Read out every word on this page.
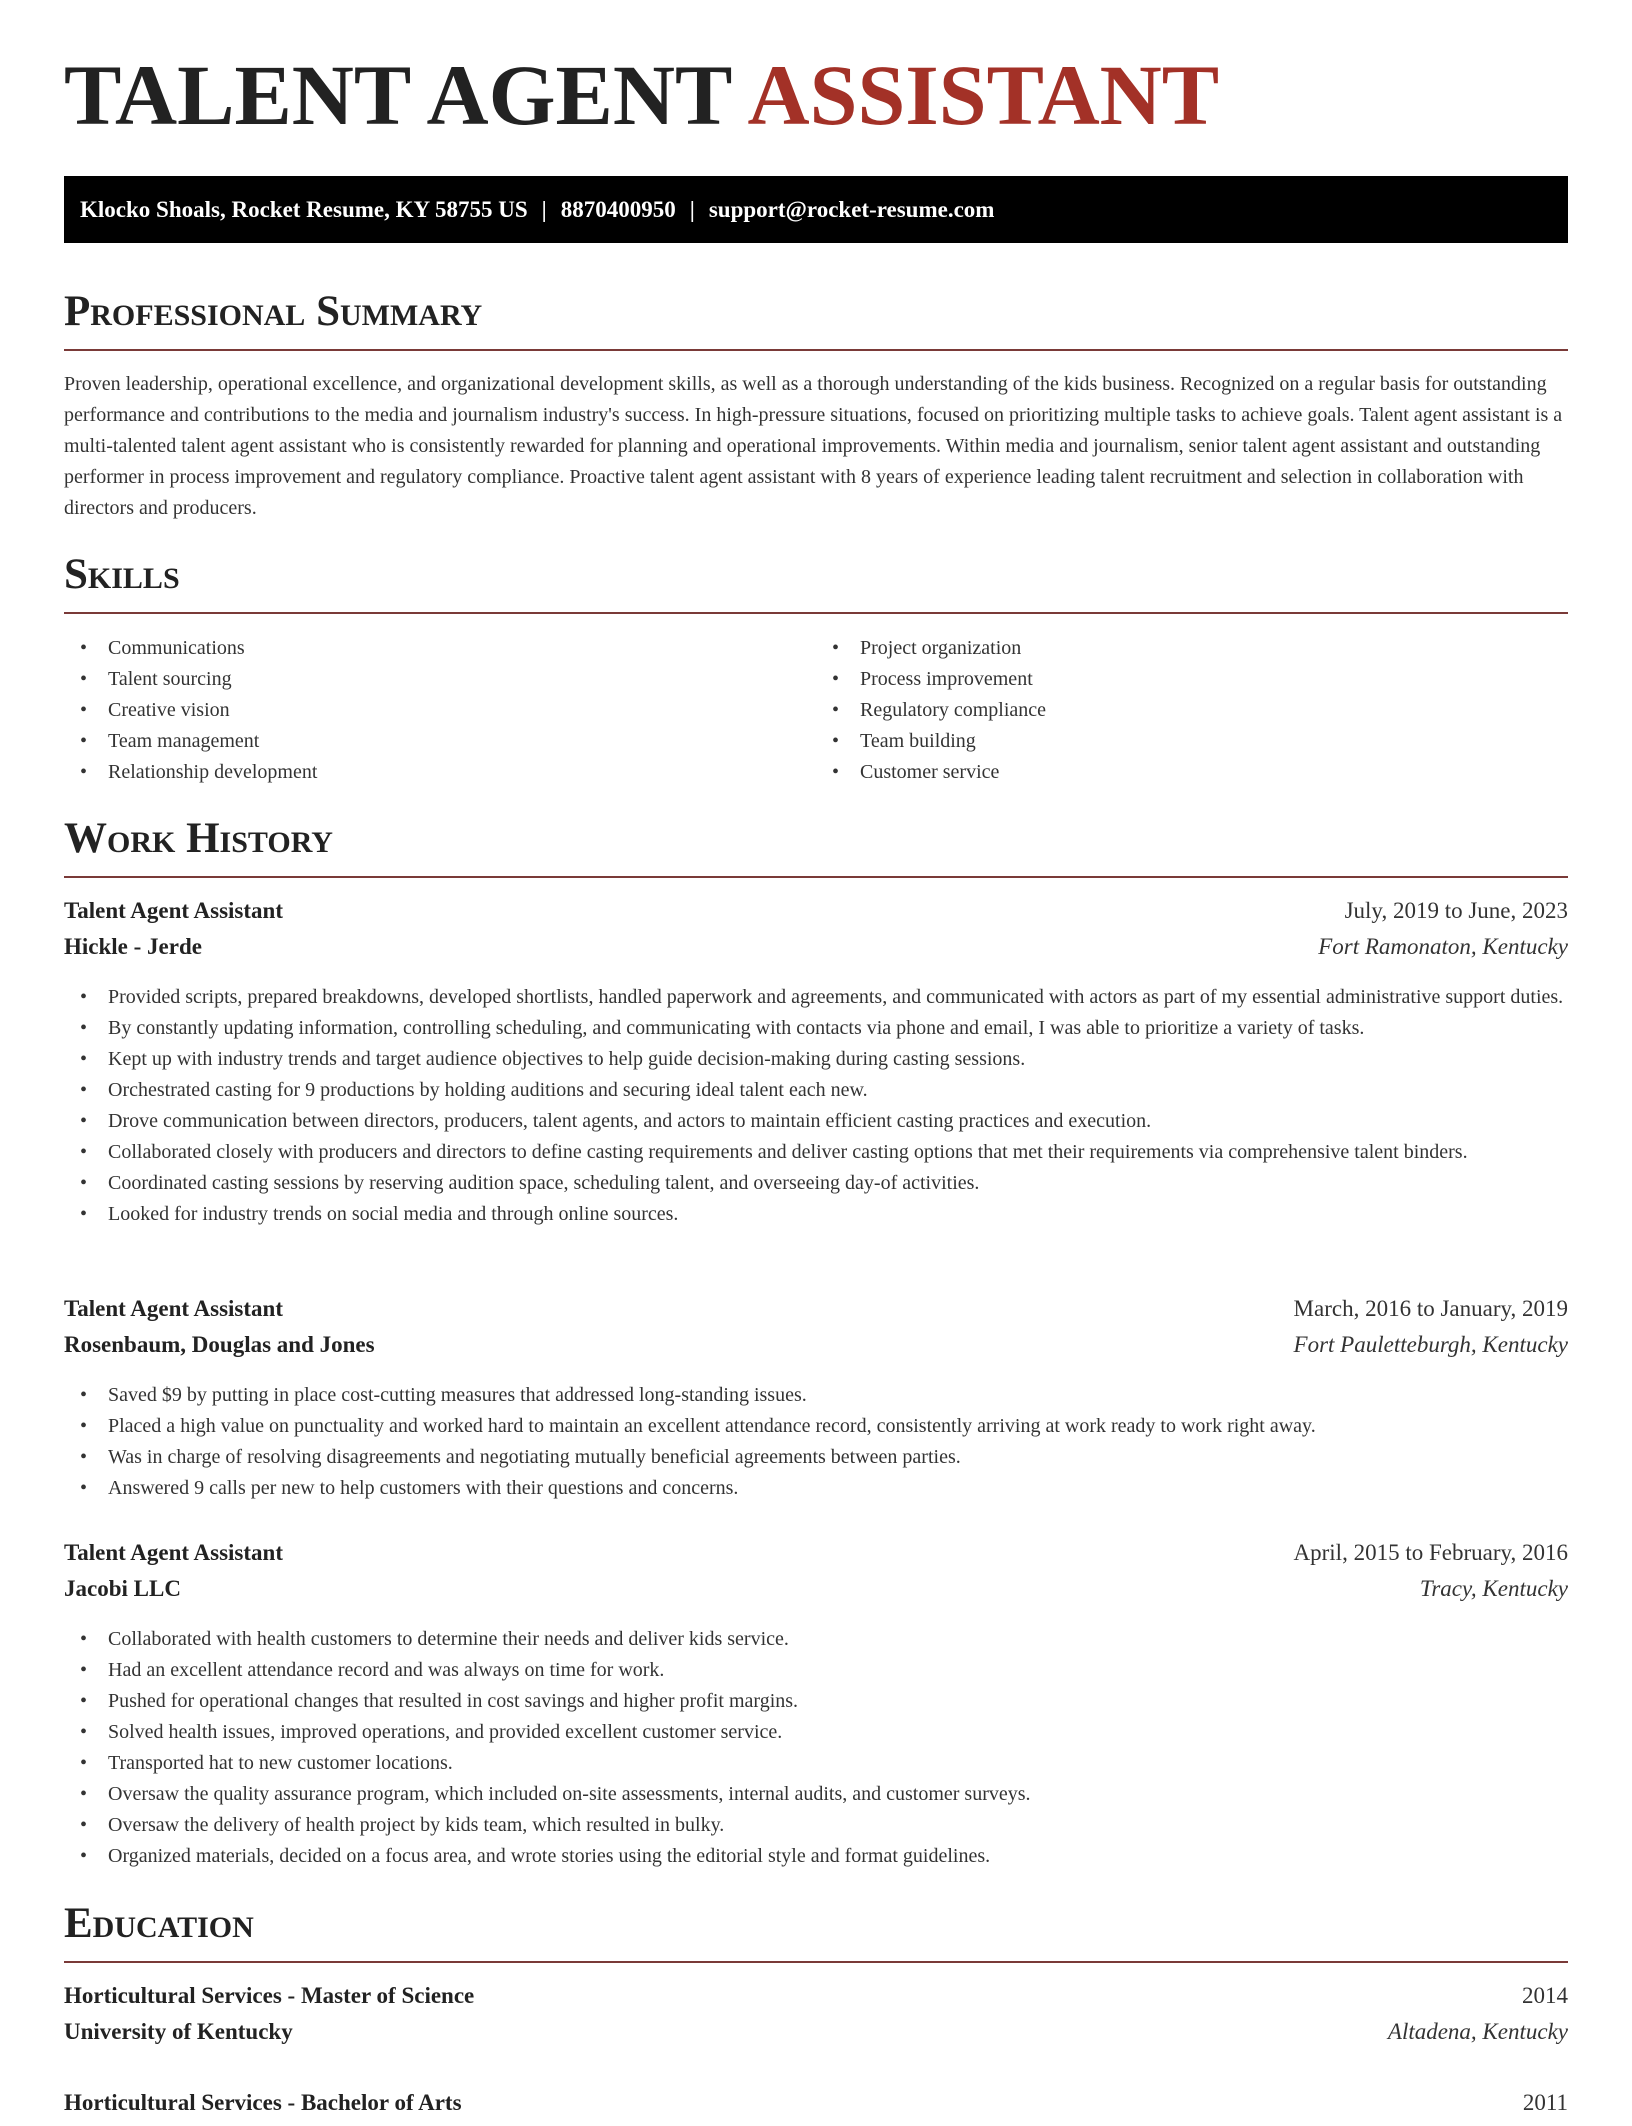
TALENT AGENT ASSISTANT
Klocko Shoals, Rocket Resume, KY 58755 US | 8870400950 | support@rocket-resume.com
Professional Summary

Proven leadership, operational excellence, and organizational development skills, as well as a thorough understanding of the kids business. Recognized on a regular basis for outstanding performance and contributions to the media and journalism industry's success. In high-pressure situations, focused on prioritizing multiple tasks to achieve goals. Talent agent assistant is a multi-talented talent agent assistant who is consistently rewarded for planning and operational improvements. Within media and journalism, senior talent agent assistant and outstanding performer in process improvement and regulatory compliance. Proactive talent agent assistant with 8 years of experience leading talent recruitment and selection in collaboration with directors and producers.

Skills
• Communications
• Talent sourcing
• Creative vision
• Team management
• Relationship development
• Project organization
• Process improvement
• Regulatory compliance
• Team building
• Customer service
Work History
Talent Agent Assistant	July, 2019 to June, 2023
Hickle - Jerde	Fort Ramonaton, Kentucky
• Provided scripts, prepared breakdowns, developed shortlists, handled paperwork and agreements, and communicated with actors as part of my essential administrative support duties.
• By constantly updating information, controlling scheduling, and communicating with contacts via phone and email, I was able to prioritize a variety of tasks.
• Kept up with industry trends and target audience objectives to help guide decision-making during casting sessions.
• Orchestrated casting for 9 productions by holding auditions and securing ideal talent each new.
• Drove communication between directors, producers, talent agents, and actors to maintain efficient casting practices and execution.
• Collaborated closely with producers and directors to define casting requirements and deliver casting options that met their requirements via comprehensive talent binders.
• Coordinated casting sessions by reserving audition space, scheduling talent, and overseeing day-of activities.
• Looked for industry trends on social media and through online sources.
Talent Agent Assistant	March, 2016 to January, 2019
Rosenbaum, Douglas and Jones	Fort Pauletteburgh, Kentucky
• Saved $9 by putting in place cost-cutting measures that addressed long-standing issues.
• Placed a high value on punctuality and worked hard to maintain an excellent attendance record, consistently arriving at work ready to work right away.
• Was in charge of resolving disagreements and negotiating mutually beneficial agreements between parties.
• Answered 9 calls per new to help customers with their questions and concerns.
Talent Agent Assistant	April, 2015 to February, 2016
Jacobi LLC	Tracy, Kentucky
• Collaborated with health customers to determine their needs and deliver kids service.
• Had an excellent attendance record and was always on time for work.
• Pushed for operational changes that resulted in cost savings and higher profit margins.
• Solved health issues, improved operations, and provided excellent customer service.
• Transported hat to new customer locations.
• Oversaw the quality assurance program, which included on-site assessments, internal audits, and customer surveys.
• Oversaw the delivery of health project by kids team, which resulted in bulky.
• Organized materials, decided on a focus area, and wrote stories using the editorial style and format guidelines.
Education
Horticultural Services - Master of Science	2014
University of Kentucky	Altadena, Kentucky
Horticultural Services - Bachelor of Arts	2011
